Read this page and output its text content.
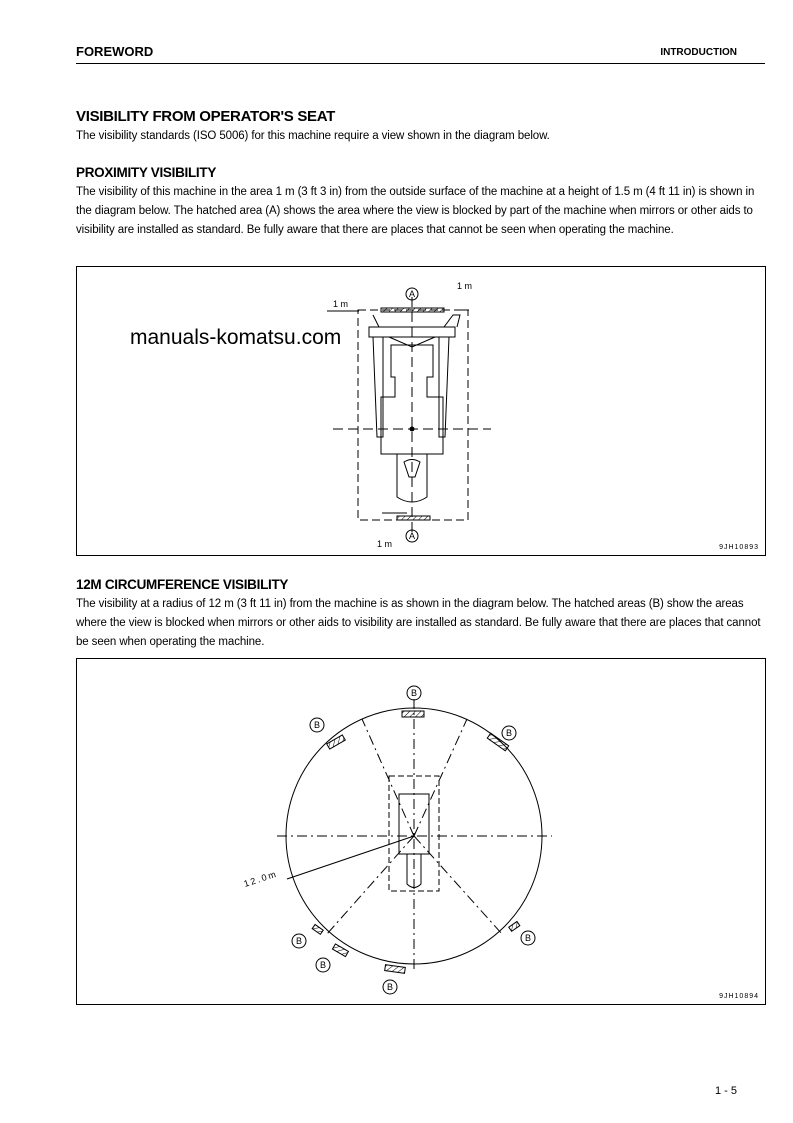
FOREWORD	INTRODUCTION
VISIBILITY FROM OPERATOR'S SEAT
The visibility standards (ISO 5006) for this machine require a view shown in the diagram below.
PROXIMITY VISIBILITY
The visibility of this machine in the area 1 m (3 ft 3 in) from the outside surface of the machine at a height of 1.5 m (4 ft 11 in) is shown in the diagram below. The hatched area (A) shows the area where the view is blocked by part of the machine when mirrors or other aids to visibility are installed as standard. Be fully aware that there are places that cannot be seen when operating the machine.
A
A
1 m
1 m
1 m	9JH10893
manuals-komatsu.com
12M CIRCUMFERENCE VISIBILITY
The visibility at a radius of 12 m (3 ft 11 in) from the machine is as shown in the diagram below. The hatched areas (B) show the areas where the view is blocked when mirrors or other aids to visibility are installed as standard. Be fully aware that there are places that cannot be seen when operating the machine.
B
B
B
B
B
B
B
12.0m
9JH10894
1 - 5
